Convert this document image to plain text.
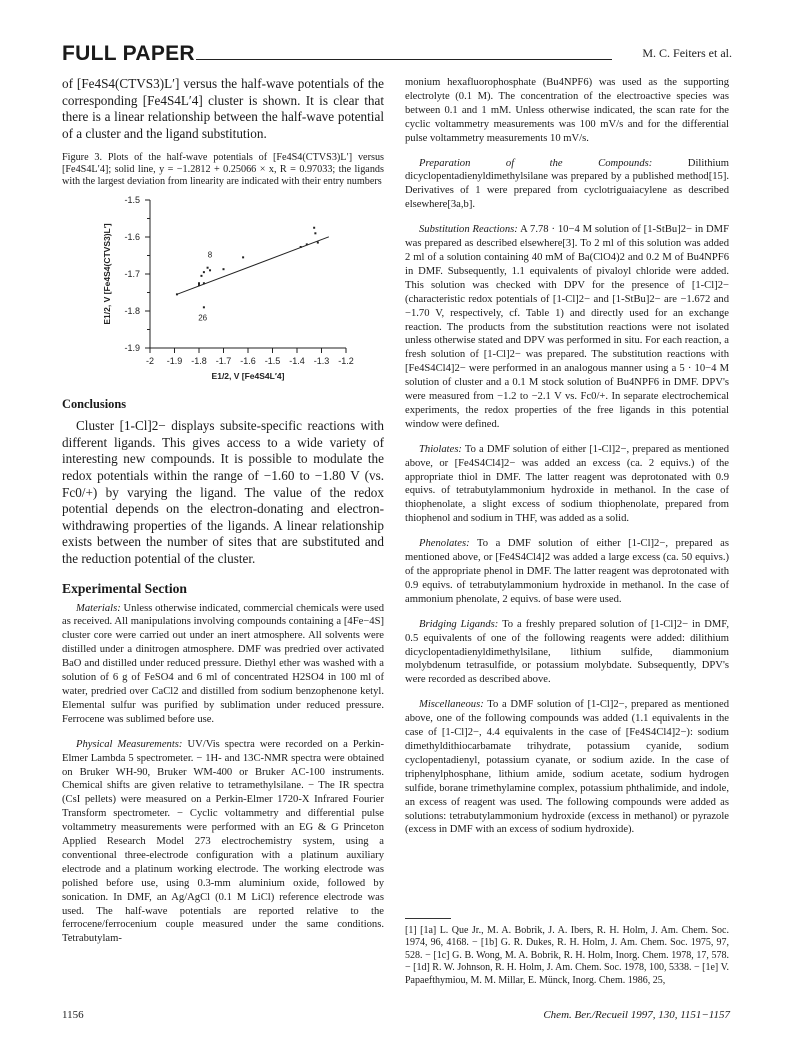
FULL PAPER	M. C. Feiters et al.

of [Fe4S4(CTVS3)L′] versus the half-wave potentials of the corresponding [Fe4S4L′4] cluster is shown. It is clear that there is a linear relationship between the half-wave potential of a cluster and the ligand substitution.

Figure 3. Plots of the half-wave potentials of [Fe4S4(CTVS3)L′] versus [Fe4S4L′4]; solid line, y = −1.2812 + 0.25066 × x, R = 0.97033; the ligands with the largest deviation from linearity are indicated with their entry numbers

-1.5
-1.6
-1.7
-1.8
-1.9
-2 -1.9 -1.8 -1.7 -1.6 -1.5 -1.4 -1.3 -1.2
E1/2, V [Fe4S4L′4]
E1/2, V [Fe4S4(CTVS3)L′]	8
26
Conclusions

Cluster [1-Cl]2− displays subsite-specific reactions with different ligands. This gives access to a wide variety of interesting new compounds. It is possible to modulate the redox potentials within the range of −1.60 to −1.80 V (vs. Fc0/+) by varying the ligand. The value of the redox potential depends on the electron-donating and electron-withdrawing properties of the ligands. A linear relationship exists between the number of sites that are substituted and the reduction potential of the cluster.

Experimental Section

Materials: Unless otherwise indicated, commercial chemicals were used as received. All manipulations involving compounds containing a [4Fe−4S] cluster core were carried out under an inert atmosphere. All solvents were distilled under a dinitrogen atmosphere. DMF was predried over activated BaO and distilled under reduced pressure. Diethyl ether was washed with a solution of 6 g of FeSO4 and 6 ml of concentrated H2SO4 in 100 ml of water, predried over CaCl2 and distilled from sodium benzophenone ketyl. Elemental sulfur was purified by sublimation under reduced pressure. Ferrocene was sublimed before use.

Physical Measurements: UV/Vis spectra were recorded on a Perkin-Elmer Lambda 5 spectrometer. − 1H- and 13C-NMR spectra were obtained on Bruker WH-90, Bruker WM-400 or Bruker AC-100 instruments. Chemical shifts are given relative to tetramethylsilane. − The IR spectra (CsI pellets) were measured on a Perkin-Elmer 1720-X Infrared Fourier Transform spectrometer. − Cyclic voltammetry and differential pulse voltammetry measurements were performed with an EG & G Princeton Applied Research Model 273 electrochemistry system, using a conventional three-electrode configuration with a platinum auxiliary electrode and a platinum working electrode. The working electrode was polished before use, using 0.3-mm aluminium oxide, followed by sonication. In DMF, an Ag/AgCl (0.1 M LiCl) reference electrode was used. The half-wave potentials are reported relative to the ferrocene/ferrocenium couple measured under the same conditions. Tetrabutylam-

monium hexafluorophosphate (Bu4NPF6) was used as the supporting electrolyte (0.1 M). The concentration of the electroactive species was between 0.1 and 1 mM. Unless otherwise indicated, the scan rate for the cyclic voltammetry measurements was 100 mV/s and for the differential pulse voltammetry measurements 10 mV/s.

Preparation of the Compounds:	Dilithium dicyclopentadienyldimethylsilane was prepared by a published method[15]. Derivatives of 1 were prepared from cyclotriguaiacylene as described elsewhere[3a,b].

Substitution Reactions: A 7.78 · 10−4 M solution of [1-StBu]2− in DMF was prepared as described elsewhere[3]. To 2 ml of this solution was added 2 ml of a solution containing 40 mM of Ba(ClO4)2 and 0.2 M of Bu4NPF6 in DMF. Subsequently, 1.1 equivalents of pivaloyl chloride were added. This solution was checked with DPV for the presence of [1-Cl]2− (characteristic redox potentials of [1-Cl]2− and [1-StBu]2− are −1.672 and −1.70 V, respectively, cf. Table 1) and directly used for an exchange reaction. The products from the substitution reactions were not isolated unless otherwise stated and DPV was performed in situ. For each reaction, a fresh solution of [1-Cl]2− was prepared. The substitution reactions with [Fe4S4Cl4]2− were performed in an analogous manner using a 5 · 10−4 M solution of cluster and a 0.1 M stock solution of Bu4NPF6 in DMF. DPV's were measured from −1.2 to −2.1 V vs. Fc0/+. In separate electrochemical experiments, the redox properties of the free ligands in this potential window were defined.

Thiolates: To a DMF solution of either [1-Cl]2−, prepared as mentioned above, or [Fe4S4Cl4]2− was added an excess (ca. 2 equivs.) of the appropriate thiol in DMF. The latter reagent was deprotonated with 0.9 equivs. of tetrabutylammonium hydroxide in methanol. In the case of thiophenolate, a slight excess of sodium thiophenolate, prepared from thiophenol and sodium in THF, was added as a solid.

Phenolates: To a DMF solution of either [1-Cl]2−, prepared as mentioned above, or [Fe4S4Cl4]2 was added a large excess (ca. 50 equivs.) of the appropriate phenol in DMF. The latter reagent was deprotonated with 0.9 equivs. of tetrabutylammonium hydroxide in methanol. In the case of ammonium phenolate, 2 equivs. of base were used.

Bridging Ligands: To a freshly prepared solution of [1-Cl]2− in DMF, 0.5 equivalents of one of the following reagents were added: dilithium dicyclopentadienyldimethylsilane, lithium sulfide, diammonium molybdenum tetrasulfide, or potassium molybdate. Subsequently, DPV's were recorded as described above.

Miscellaneous: To a DMF solution of [1-Cl]2−, prepared as mentioned above, one of the following compounds was added (1.1 equivalents in the case of [1-Cl]2−, 4.4 equivalents in the case of [Fe4S4Cl4]2−): sodium dimethyldithiocarbamate trihydrate, potassium cyanide, sodium cyclopentadienyl, potassium cyanate, or sodium azide. In the case of triphenylphosphane, lithium amide, sodium acetate, sodium hydrogen sulfide, borane trimethylamine complex, potassium phthalimide, and indole, an excess of reagent was used. The following compounds were added as solutions: tetrabutylammonium hydroxide (excess in methanol) or pyrazole (excess in DMF with an excess of sodium hydroxide).

[1] [1a] L. Que Jr., M. A. Bobrik, J. A. Ibers, R. H. Holm, J. Am. Chem. Soc. 1974, 96, 4168. − [1b] G. R. Dukes, R. H. Holm, J. Am. Chem. Soc. 1975, 97, 528. − [1c] G. B. Wong, M. A. Bobrik, R. H. Holm, Inorg. Chem. 1978, 17, 578. − [1d] R. W. Johnson, R. H. Holm, J. Am. Chem. Soc. 1978, 100, 5338. − [1e] V. Papaefthymiou, M. M. Millar, E. Münck, Inorg. Chem. 1986, 25,

1156	Chem. Ber./Recueil 1997, 130, 1151−1157
